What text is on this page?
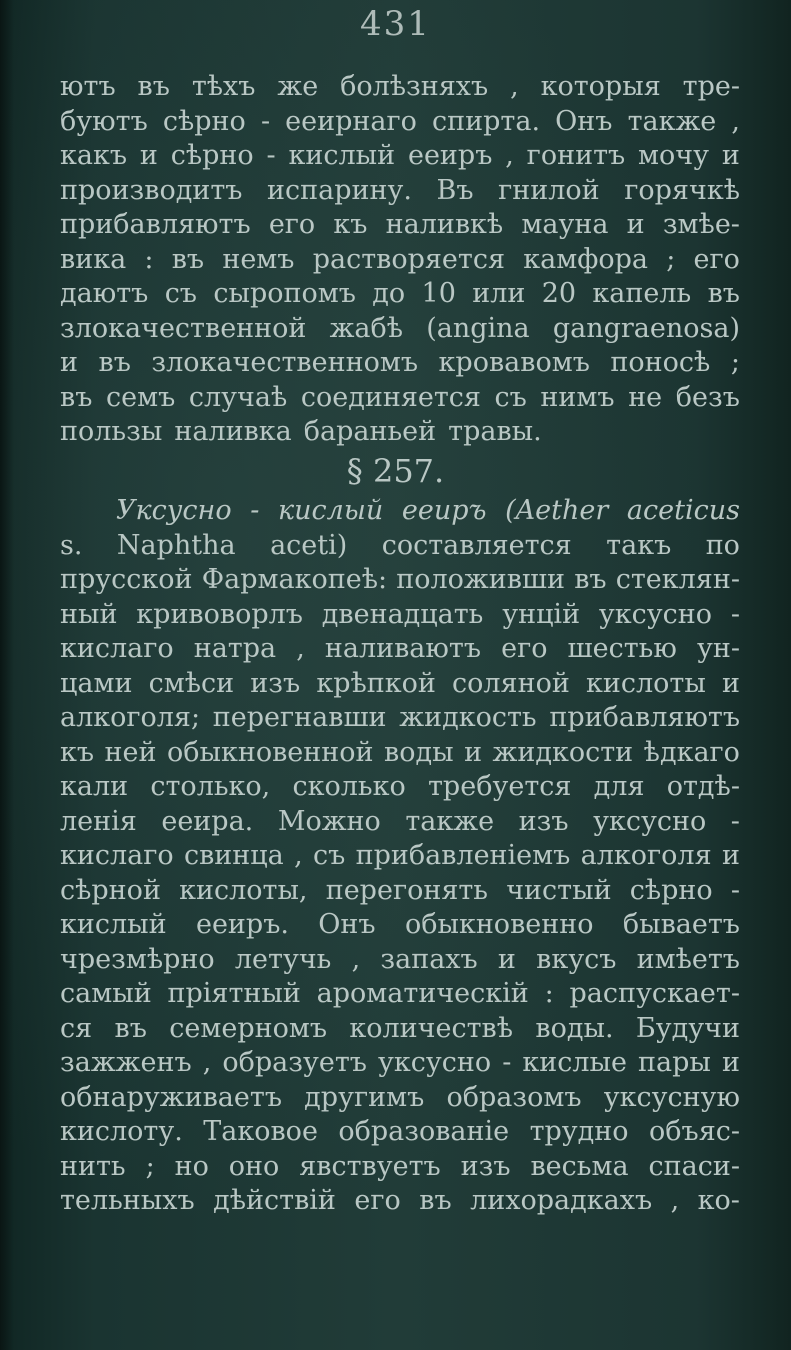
431
ютъ въ тѣхъ же болѣзняхъ , которыя тре-
буютъ сѣрно - ееирнаго спирта. Онъ также ,
какъ и сѣрно - кислый ееиръ , гонитъ мочу и
производитъ испарину. Въ гнилой горячкѣ
прибавляютъ его къ наливкѣ мауна и змѣе-
вика : въ немъ растворяется камфора ; его
даютъ съ сыропомъ до 10 или 20 капель въ
злокачественной жабѣ (angina gangraenosa)
и въ злокачественномъ кровавомъ поносѣ ;
въ семъ случаѣ соединяется съ нимъ не безъ
пользы наливка бараньей травы.
§ 257.
Уксусно - кислый ееиръ (Aether aceticus
s. Naphtha aceti) составляется такъ по
прусской Фармакопеѣ: положивши въ стеклян-
ный кривоворлъ двенадцать унцій уксусно -
кислаго натра , наливаютъ его шестью ун-
цами смѣси изъ крѣпкой соляной кислоты и
алкоголя; перегнавши жидкость прибавляютъ
къ ней обыкновенной воды и жидкости ѣдкаго
кали столько, сколько требуется для отдѣ-
ленія ееира. Можно также изъ уксусно -
кислаго свинца , съ прибавленіемъ алкоголя и
сѣрной кислоты, перегонять чистый сѣрно -
кислый ееиръ. Онъ обыкновенно бываетъ
чрезмѣрно летучь , запахъ и вкусъ имѣетъ
самый пріятный ароматическій : распускает-
ся въ семерномъ количествѣ воды. Будучи
зажженъ , образуетъ уксусно - кислые пары и
обнаруживаетъ другимъ образомъ уксусную
кислоту. Таковое образованіе трудно объяс-
нить ; но оно явствуетъ изъ весьма спаси-
тельныхъ дѣйствій его въ лихорадкахъ , ко-
